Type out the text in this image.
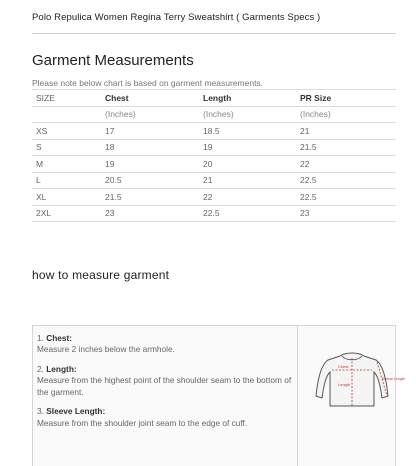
Polo Repulica Women Regina Terry Sweatshirt ( Garments Specs )
Garment Measurements
Please note below chart is based on garment measurements.
SIZE	Chest	Length	PR Size
	(Inches)	(Inches)	(Inches)
XS	17	18.5	21
S	18	19	21.5
M	19	20	22
L	20.5	21	22.5
XL	21.5	22	22.5
2XL	23	22.5	23
how to measure garment
1. Chest:
Measure 2 inches below the armhole.
2. Length:
Measure from the highest point of the shoulder seam to the bottom of the garment.
3. Sleeve Length:
Measure from the shoulder joint seam to the edge of cuff.
Chest
Length
Sleeve Length
